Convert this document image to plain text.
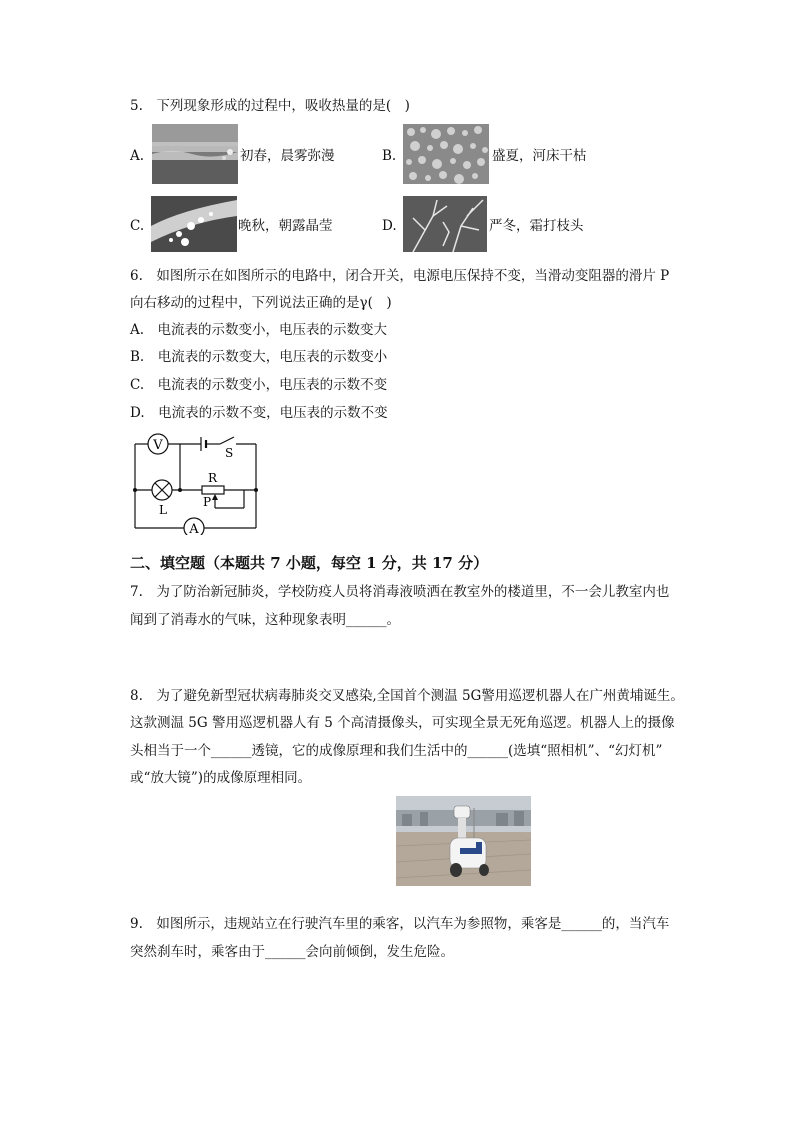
5.　下列现象形成的过程中，吸收热量的是(　)
A.	初春，晨雾弥漫	B.	盛夏，河床干枯
C.	晚秋，朝露晶莹	D.	严冬，霜打枝头
6.　如图所示在如图所示的电路中，闭合开关，电源电压保持不变，当滑动变阻器的滑片 P
向右移动的过程中，下列说法正确的是γ(　)
A.　电流表的示数变小，电压表的示数变大
B.　电流表的示数变大，电压表的示数变小
C.　电流表的示数变小，电压表的示数不变
D.　电流表的示数不变，电压表的示数不变
V
A
S
R
P
L
二、填空题（本题共 7 小题，每空 1 分，共 17 分）
7.　为了防治新冠肺炎，学校防疫人员将消毒液喷洒在教室外的楼道里，不一会儿教室内也
闻到了消毒水的气味，这种现象表明______。
8.　为了避免新型冠状病毒肺炎交叉感染,全国首个测温 5G警用巡逻机器人在广州黄埔诞生。
这款测温 5G 警用巡逻机器人有 5 个高清摄像头，可实现全景无死角巡逻。机器人上的摄像
头相当于一个______透镜，它的成像原理和我们生活中的______(选填“照相机”、“幻灯机”
或“放大镜”)的成像原理相同。
9.　如图所示，违规站立在行驶汽车里的乘客，以汽车为参照物，乘客是______的，当汽车
突然刹车时，乘客由于______会向前倾倒，发生危险。
